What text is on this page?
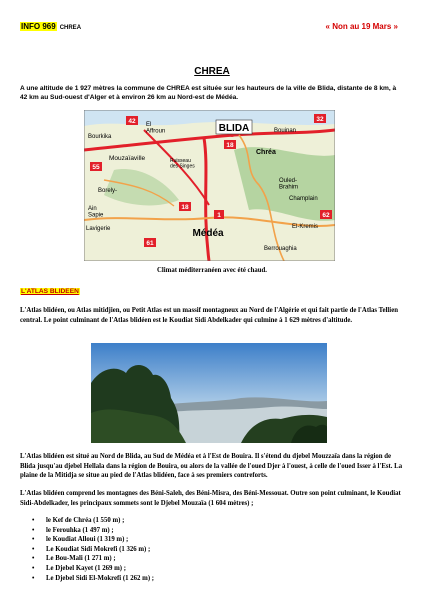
INFO 969 CHREA	« Non au 19 Mars »
CHREA
A une altitude de 1 927 mètres la commune de CHREA est située sur les hauteurs de la ville de Blida, distante de 8 km, à 42 km au Sud-ouest d'Alger et à environ 26 km au Nord-est de Médéa.
BLIDA
Chréa
Médéa
El Affroun
Mouzaïaville	Ruisseau des Singes
Bouinan
Ouled-Brahim
Champlain
Berrouaghia
El-Kremis
Bourkika
Lavigerie
Ain Sapie
Borely-
42
55
32
18
61
18
1	62
Climat méditerranéen avec été chaud.
L'ATLAS BLIDEEN
L'Atlas blidéen, ou Atlas mitidjien, ou Petit Atlas est un massif montagneux au Nord de l'Algérie et qui fait partie de l'Atlas Tellien central. Le point culminant de l'Atlas blidéen est le Koudiat Sidi Abdelkader qui culmine à 1 629 mètres d'altitude.
L'Atlas blidéen est situé au Nord de Blida, au Sud de Médéa et à l'Est de Bouira. Il s'étend du djebel Mouzzaïa dans la région de Blida jusqu'au djebel Hellala dans la région de Bouira, ou alors de la vallée de l'oued Djer à l'ouest, à celle de l'oued Isser à l'Est. La plaine de la Mitidja se situe au pied de l'Atlas blidéen, face à ses premiers contreforts.
L'Atlas blidéen comprend les montagnes des Béni-Saleh, des Béni-Misra, des Béni-Messouat. Outre son point culminant, le Koudiat Sidi-Abdelkader, les principaux sommets sont le Djebel Mouzaïa (1 604 mètres) ;
• le Kef de Chréa (1 550 m) ;
• le Ferouhka (1 497 m) ;
• le Koudiat Alloui (1 319 m) ;
• Le Koudiat Sidi Mokrefi (1 326 m) ;
• Le Bou-Mali (1 271 m) ;
• Le Djebel Kayet (1 269 m) ;
• Le Djebel Sidi El-Mokrefi (1 262 m) ;
